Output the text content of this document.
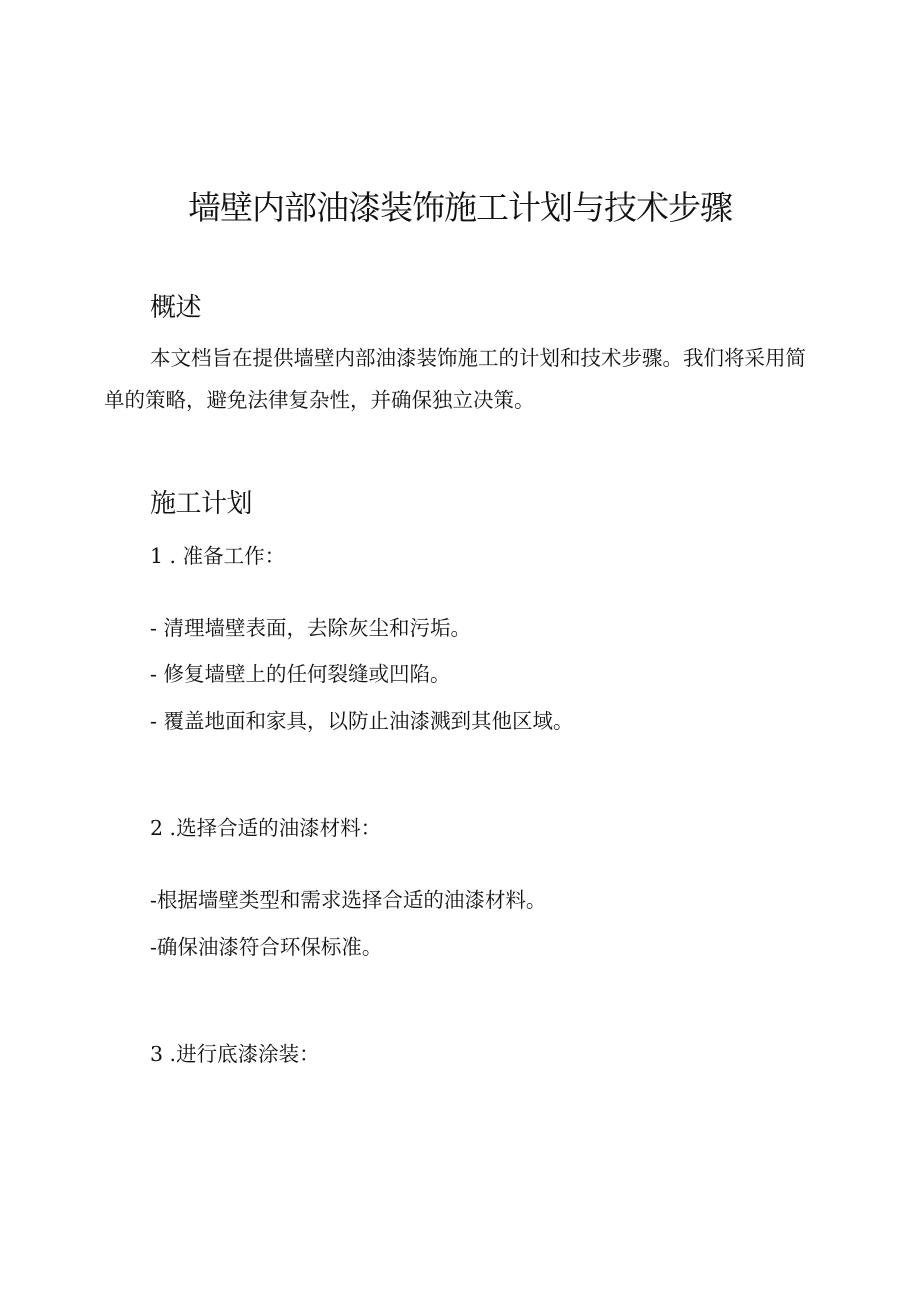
墙壁内部油漆装饰施工计划与技术步骤
概述

本文档旨在提供墙壁内部油漆装饰施工的计划和技术步骤。我们将采用简单的策略，避免法律复杂性，并确保独立决策。

施工计划

1 . 准备工作：

- 清理墙壁表面，去除灰尘和污垢。

- 修复墙壁上的任何裂缝或凹陷。

- 覆盖地面和家具，以防止油漆溅到其他区域。

2 .选择合适的油漆材料：

-根据墙壁类型和需求选择合适的油漆材料。

-确保油漆符合环保标准。

3 .进行底漆涂装：
